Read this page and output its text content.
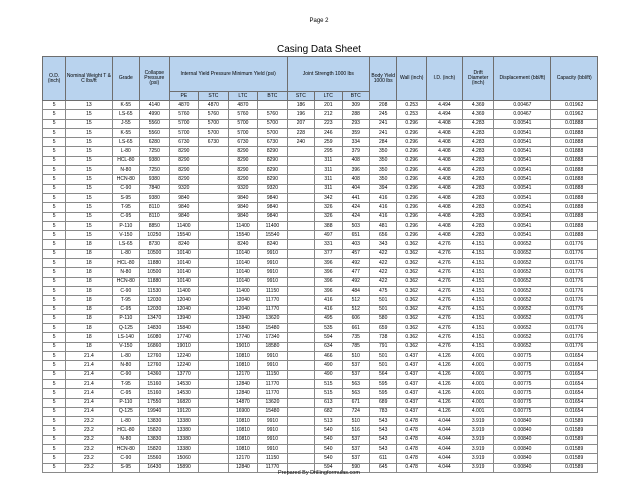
Page 2
Casing Data Sheet
O.D. (inch)	Nominal Weight T & C lbs/ft	Grade	Collapse Pressure (psi)	Internal Yield Pressure Minimum Yield (psi)				Joint Strength 1000 lbs			Body Yield 1000 lbs	Wall (inch)	I.D. (inch)	Drift Diameter (inch)	Displacement (bbl/ft)	Capacity (bbl/ft)
				PE	STC	LTC	BTC	STC	LTC	BTC						
5	13	K-55	4140	4870	4870	4870		186	201	309	208	0.253	4.494	4.369	0.00467	0.01962
5	15	LS-65	4990	5760	5760	5760	5760	196	212	288	245	0.253	4.494	4.369	0.00467	0.01962
5	15	J-55	5560	5700	5700	5700	5700	207	223	293	241	0.296	4.408	4.283	0.00541	0.01888
5	15	K-55	5560	5700	5700	5700	5700	228	246	359	241	0.296	4.408	4.283	0.00541	0.01888
5	15	LS-65	6280	6730	6730	6730	6730	240	259	334	284	0.296	4.408	4.283	0.00541	0.01888
5	15	L-80	7250	8290		8290	8290		295	379	350	0.296	4.408	4.283	0.00541	0.01888
5	15	HCL-80	9380	8290		8290	8290		311	408	350	0.296	4.408	4.283	0.00541	0.01888
5	15	N-80	7250	8290		8290	8290		311	396	350	0.296	4.408	4.283	0.00541	0.01888
5	15	HCN-80	9380	8290		8290	8290		311	408	350	0.296	4.408	4.283	0.00541	0.01888
5	15	C-90	7840	9320		9320	9320		311	404	394	0.296	4.408	4.283	0.00541	0.01888
5	15	S-95	9380	9840		9840	9840		342	441	416	0.296	4.408	4.283	0.00541	0.01888
5	15	T-95	8110	9840		9840	9840		326	424	416	0.296	4.408	4.283	0.00541	0.01888
5	15	C-95	8110	9840		9840	9840		326	424	416	0.296	4.408	4.283	0.00541	0.01888
5	15	P-110	8850	11400		11400	11400		388	503	481	0.296	4.408	4.283	0.00541	0.01888
5	15	V-150	10250	15540		15540	15540		497	651	656	0.296	4.408	4.283	0.00541	0.01888
5	18	LS-65	8730	8240		8240	8240		331	403	343	0.362	4.276	4.151	0.00652	0.01776
5	18	L-80	10500	10140		10140	9910		377	457	422	0.362	4.276	4.151	0.00652	0.01776
5	18	HCL-80	11880	10140		10140	9910		396	492	422	0.362	4.276	4.151	0.00652	0.01776
5	18	N-80	10500	10140		10140	9910		396	477	422	0.362	4.276	4.151	0.00652	0.01776
5	18	HCN-80	11880	10140		10140	9910		396	492	422	0.362	4.276	4.151	0.00652	0.01776
5	18	C-90	11530	11400		11400	11150		396	484	475	0.362	4.276	4.151	0.00652	0.01776
5	18	T-95	12030	12040		12040	11770		416	512	501	0.362	4.276	4.151	0.00652	0.01776
5	18	C-95	12030	12040		12040	11770		416	512	501	0.362	4.276	4.151	0.00652	0.01776
5	18	P-110	13470	13940		13940	13620		495	606	580	0.362	4.276	4.151	0.00652	0.01776
5	18	Q-125	14830	15840		15840	15480		535	661	659	0.362	4.276	4.151	0.00652	0.01776
5	18	LS-140	16080	17740		17740	17340		594	735	738	0.362	4.276	4.151	0.00652	0.01776
5	18	V-150	16860	19010		19010	18580		634	785	791	0.362	4.276	4.151	0.00652	0.01776
5	21.4	L-80	12760	12240		10810	9910		466	510	501	0.437	4.126	4.001	0.00775	0.01654
5	21.4	N-80	12760	12240		10810	9910		490	537	501	0.437	4.126	4.001	0.00775	0.01654
5	21.4	C-90	14360	13770		12170	11150		490	537	564	0.437	4.126	4.001	0.00775	0.01654
5	21.4	T-95	15160	14530		12840	11770		515	563	595	0.437	4.126	4.001	0.00775	0.01654
5	21.4	C-95	15160	14530		12840	11770		515	563	595	0.437	4.126	4.001	0.00775	0.01654
5	21.4	P-110	17550	16820		14870	13620		613	671	689	0.437	4.126	4.001	0.00775	0.01654
5	21.4	Q-125	19940	19120		16900	15480		682	724	783	0.437	4.126	4.001	0.00775	0.01654
5	23.2	L-80	13830	13380		10810	9910		513	510	543	0.478	4.044	3.919	0.00840	0.01589
5	23.2	HCL-80	15820	13380		10810	9910		540	516	543	0.478	4.044	3.919	0.00840	0.01589
5	23.2	N-80	13830	13380		10810	9910		540	537	543	0.478	4.044	3.919	0.00840	0.01589
5	23.2	HCN-80	15820	13380		10810	9910		540	537	543	0.478	4.044	3.919	0.00840	0.01589
5	23.2	C-90	15560	15060		12170	11150		540	537	611	0.478	4.044	3.919	0.00840	0.01589
5	23.2	S-95	16430	15890		12840	11770		594	590	645	0.478	4.044	3.919	0.00840	0.01589
Prepared By Drillingformulas.com
